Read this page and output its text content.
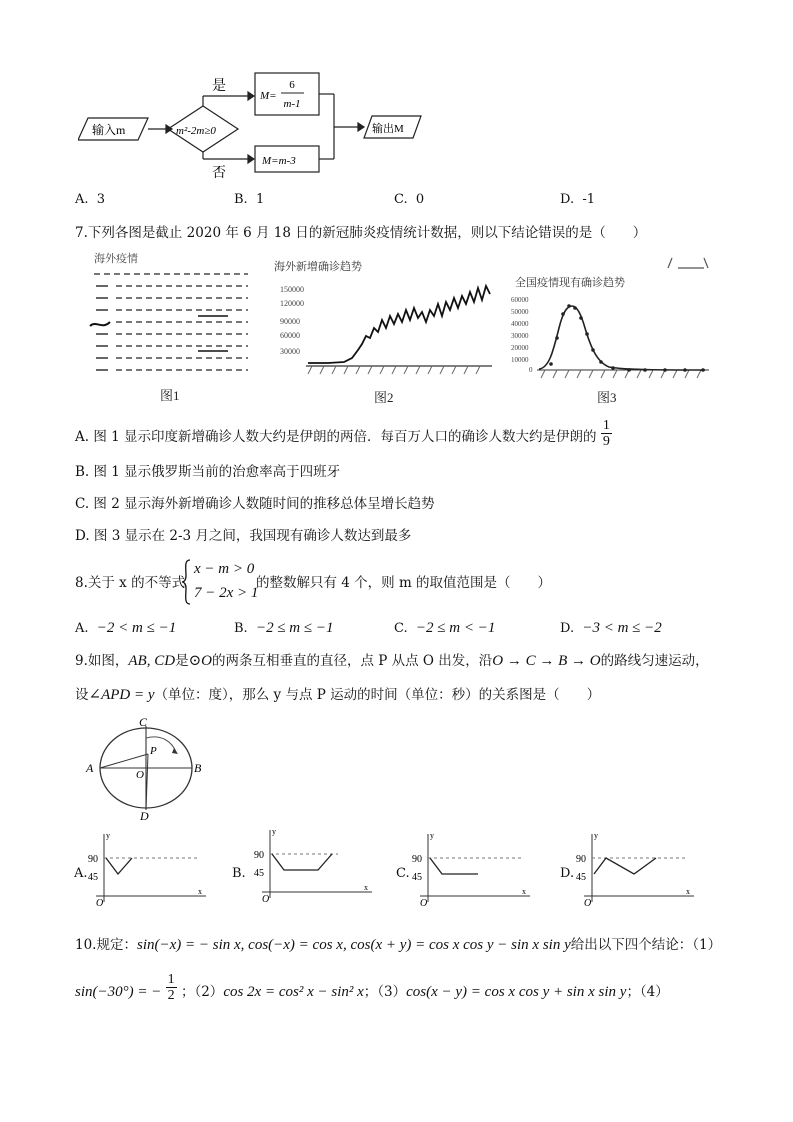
输入m	m²-2m≥0
是
否
M=
6
m-1
M=m-3
输出M
A. 3	B. 1	C. 0	D. -1
7.下列各图是截止 2020 年 6 月 18 日的新冠肺炎疫情统计数据，则以下结论错误的是（　　）
海外疫情
图1
海外新增确诊趋势
150000
120000
90000
60000
30000
图2
全国疫情现有确诊趋势
60000
50000
40000
30000
20000
10000
0
图3
A. 图 1 显示印度新增确诊人数大约是伊朗的两倍．每百万人口的确诊人数大约是伊朗的 $\frac{1}{9}$
B. 图 1 显示俄罗斯当前的治愈率高于四班牙
C. 图 2 显示海外新增确诊人数随时间的推移总体呈增长趋势
D. 图 3 显示在 2-3 月之间，我国现有确诊人数达到最多
8.关于 x 的不等式
x − m > 0
7 − 2x > 1
的整数解只有 4 个，则 m 的取值范围是（　　）
A. −2 < m ≤ −1	B. −2 ≤ m ≤ −1	C. −2 ≤ m < −1	D. −3 < m ≤ −2
9.如图，AB, CD是⊙O的两条互相垂直的直径，点 P 从点 O 出发，沿O → C → B → O的路线匀速运动，
设∠APD = y（单位：度），那么 y 与点 P 运动的时间（单位：秒）的关系图是（　　）
A	B
C
D
O
P
A.
y
90
45
O
x
B.
y
90
45
O
x
C.
y
90
45
O
x
D.
y
90
45
O
x
10.规定：sin(−x) = − sin x, cos(−x) = cos x, cos(x + y) = cos x cos y − sin x sin y给出以下四个结论：（1）
sin(−30°) = − $\frac{1}{2}$ ；（2）cos 2x = cos² x − sin² x；（3）cos(x − y) = cos x cos y + sin x sin y；（4）
